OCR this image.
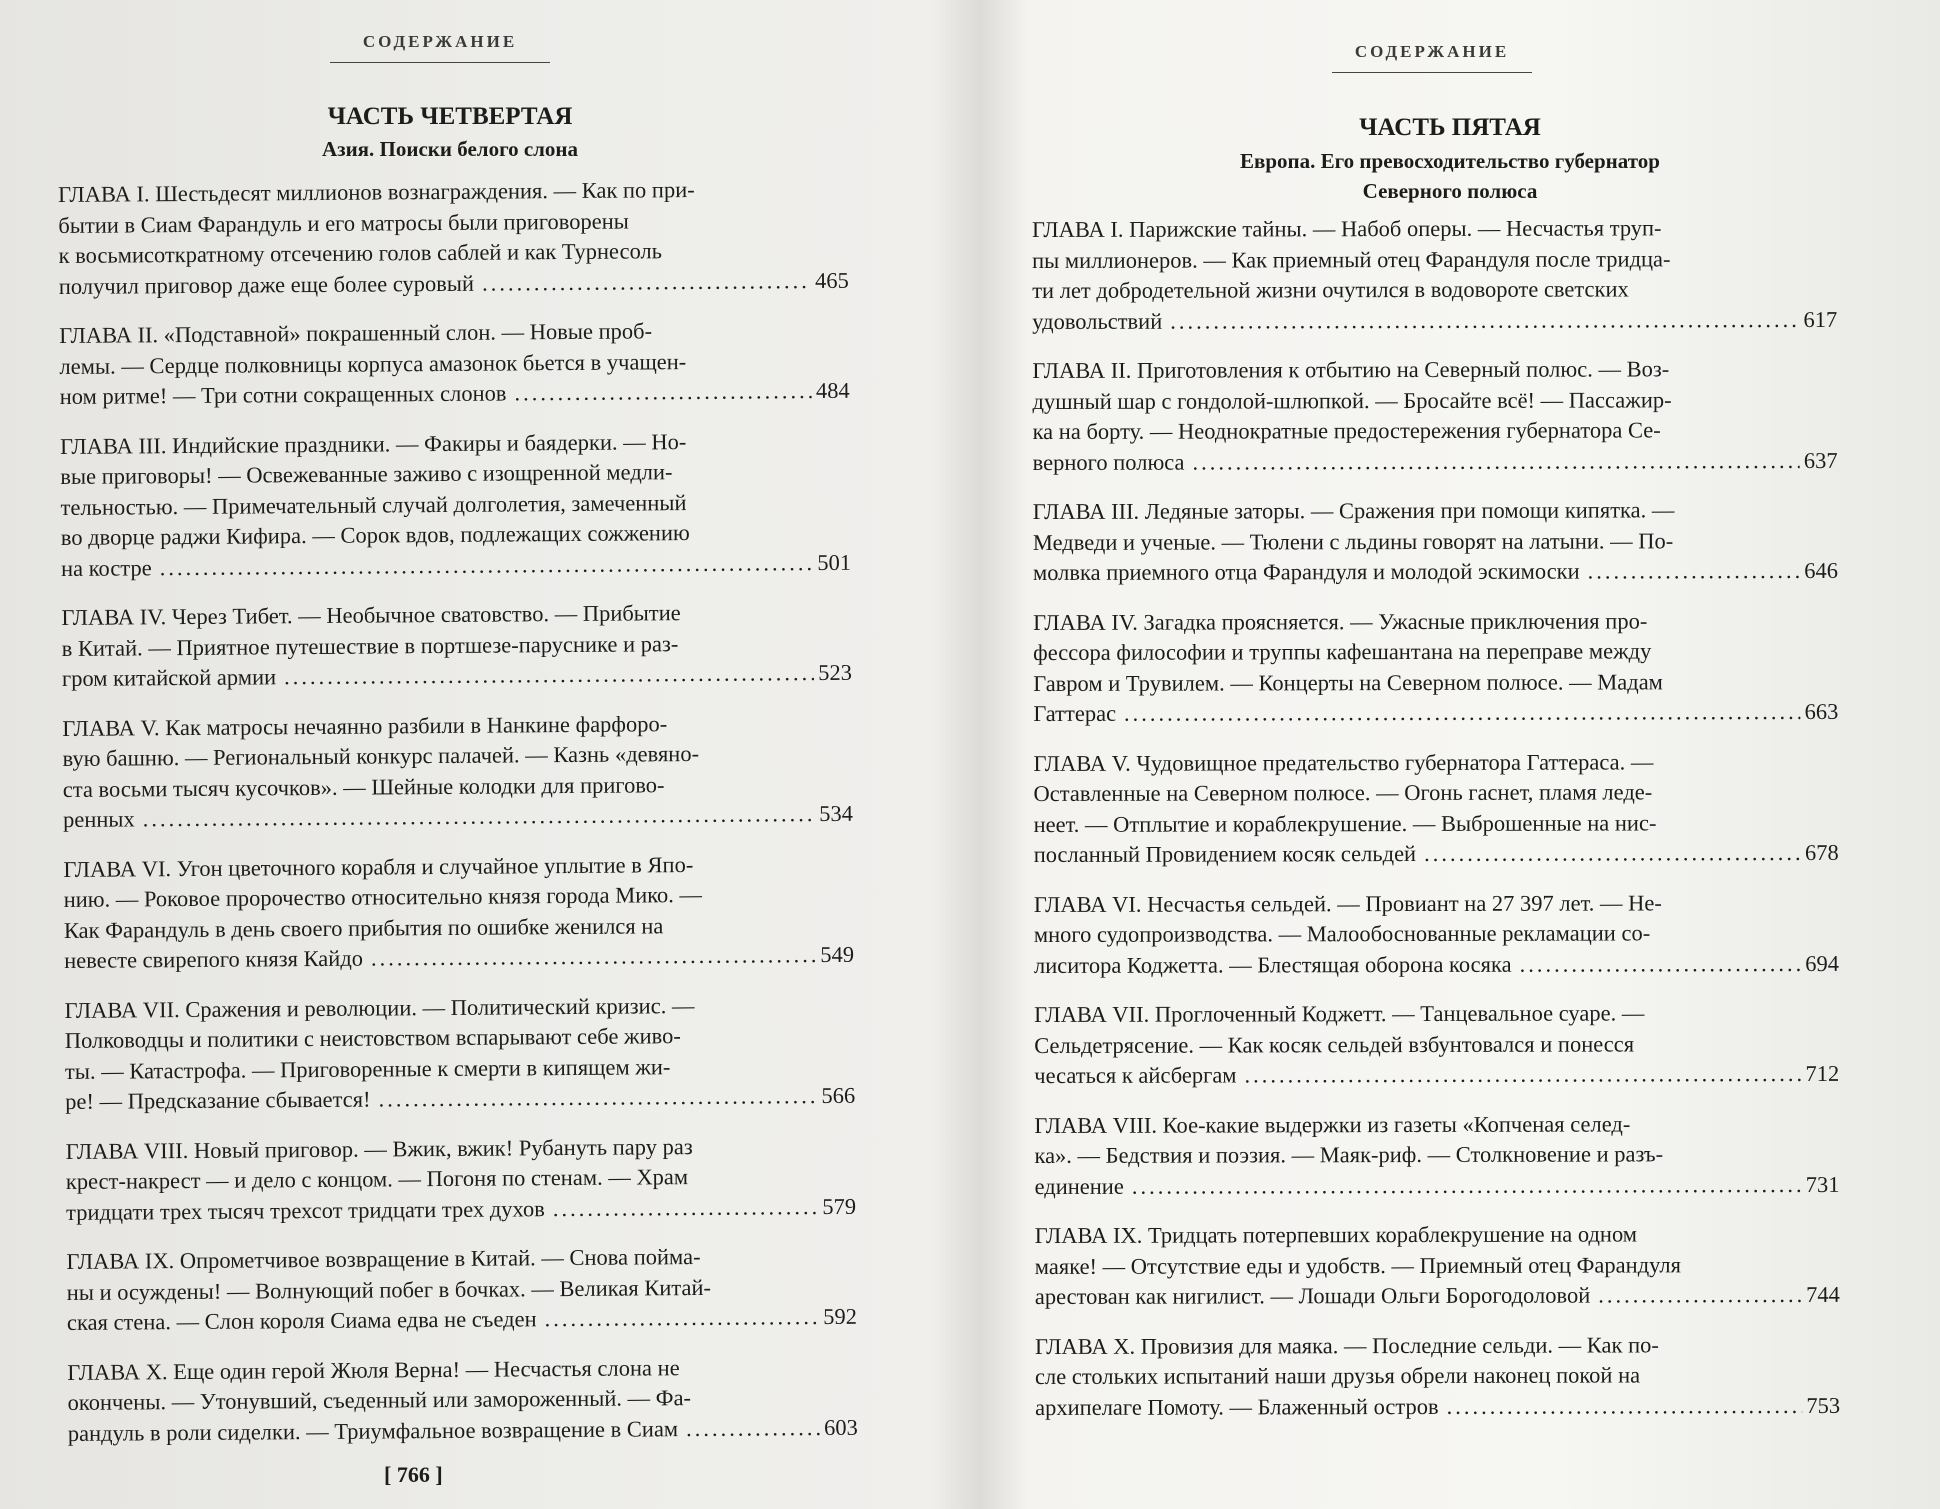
СОДЕРЖАНИЕ
ЧАСТЬ ЧЕТВЕРТАЯ
Азия. Поиски белого слона

ГЛАВА I. Шестьдесят миллионов вознаграждения. — Как по при-

бытии в Сиам Фарандуль и его матросы были приговорены

к восьмисоткратному отсечению голов саблей и как Турнесоль

получил приговор даже еще более суровый .....	465

ГЛАВА II. «Подставной» покрашенный слон. — Новые проб-

лемы. — Сердце полковницы корпуса амазонок бьется в учащен-

ном ритме! — Три сотни сокращенных слонов .....	484

ГЛАВА III. Индийские праздники. — Факиры и баядерки. — Но-

вые приговоры! — Освежеванные заживо с изощренной медли-

тельностью. — Примечательный случай долголетия, замеченный

во дворце раджи Кифира. — Сорок вдов, подлежащих сожжению

на костре .....	501

ГЛАВА IV. Через Тибет. — Необычное сватовство. — Прибытие

в Китай. — Приятное путешествие в портшезе-паруснике и раз-

гром китайской армии .....	523

ГЛАВА V. Как матросы нечаянно разбили в Нанкине фарфоро-

вую башню. — Региональный конкурс палачей. — Казнь «девяно-

ста восьми тысяч кусочков». — Шейные колодки для пригово-

ренных .....	534

ГЛАВА VI. Угон цветочного корабля и случайное уплытие в Япо-

нию. — Роковое пророчество относительно князя города Мико. —

Как Фарандуль в день своего прибытия по ошибке женился на

невесте свирепого князя Кайдо .....	549

ГЛАВА VII. Сражения и революции. — Политический кризис. —

Полководцы и политики с неистовством вспарывают себе живо-

ты. — Катастрофа. — Приговоренные к смерти в кипящем жи-

ре! — Предсказание сбывается! .....	566

ГЛАВА VIII. Новый приговор. — Вжик, вжик! Рубануть пару раз

крест-накрест — и дело с концом. — Погоня по стенам. — Храм

тридцати трех тысяч трехсот тридцати трех духов .....	579

ГЛАВА IX. Опрометчивое возвращение в Китай. — Снова пойма-

ны и осуждены! — Волнующий побег в бочках. — Великая Китай-

ская стена. — Слон короля Сиама едва не съеден .....	592

ГЛАВА X. Еще один герой Жюля Верна! — Несчастья слона не

окончены. — Утонувший, съеденный или замороженный. — Фа-

рандуль в роли сиделки. — Триумфальное возвращение в Сиам .....	603

[ 766 ]
СОДЕРЖАНИЕ
ЧАСТЬ ПЯТАЯ
Европа. Его превосходительство губернатор
Северного полюса

ГЛАВА I. Парижские тайны. — Набоб оперы. — Несчастья труп-

пы миллионеров. — Как приемный отец Фарандуля после тридца-

ти лет добродетельной жизни очутился в водовороте светских

удовольствий .....	617

ГЛАВА II. Приготовления к отбытию на Северный полюс. — Воз-

душный шар с гондолой-шлюпкой. — Бросайте всё! — Пассажир-

ка на борту. — Неоднократные предостережения губернатора Се-

верного полюса .....	637

ГЛАВА III. Ледяные заторы. — Сражения при помощи кипятка. —

Медведи и ученые. — Тюлени с льдины говорят на латыни. — По-

молвка приемного отца Фарандуля и молодой эскимоски .....	646

ГЛАВА IV. Загадка проясняется. — Ужасные приключения про-

фессора философии и труппы кафешантана на переправе между

Гавром и Трувилем. — Концерты на Северном полюсе. — Мадам

Гаттерас .....	663

ГЛАВА V. Чудовищное предательство губернатора Гаттераса. —

Оставленные на Северном полюсе. — Огонь гаснет, пламя леде-

неет. — Отплытие и кораблекрушение. — Выброшенные на нис-

посланный Провидением косяк сельдей .....	678

ГЛАВА VI. Несчастья сельдей. — Провиант на 27 397 лет. — Не-

много судопроизводства. — Малообоснованные рекламации со-

лиситора Коджетта. — Блестящая оборона косяка .....	694

ГЛАВА VII. Проглоченный Коджетт. — Танцевальное суаре. —

Сельдетрясение. — Как косяк сельдей взбунтовался и понесся

чесаться к айсбергам .....	712

ГЛАВА VIII. Кое-какие выдержки из газеты «Копченая селед-

ка». — Бедствия и поэзия. — Маяк-риф. — Столкновение и разъ-

единение .....	731

ГЛАВА IX. Тридцать потерпевших кораблекрушение на одном

маяке! — Отсутствие еды и удобств. — Приемный отец Фарандуля

арестован как нигилист. — Лошади Ольги Борогодоловой .....	744

ГЛАВА X. Провизия для маяка. — Последние сельди. — Как по-

сле стольких испытаний наши друзья обрели наконец покой на

архипелаге Помоту. — Блаженный остров .....	753
